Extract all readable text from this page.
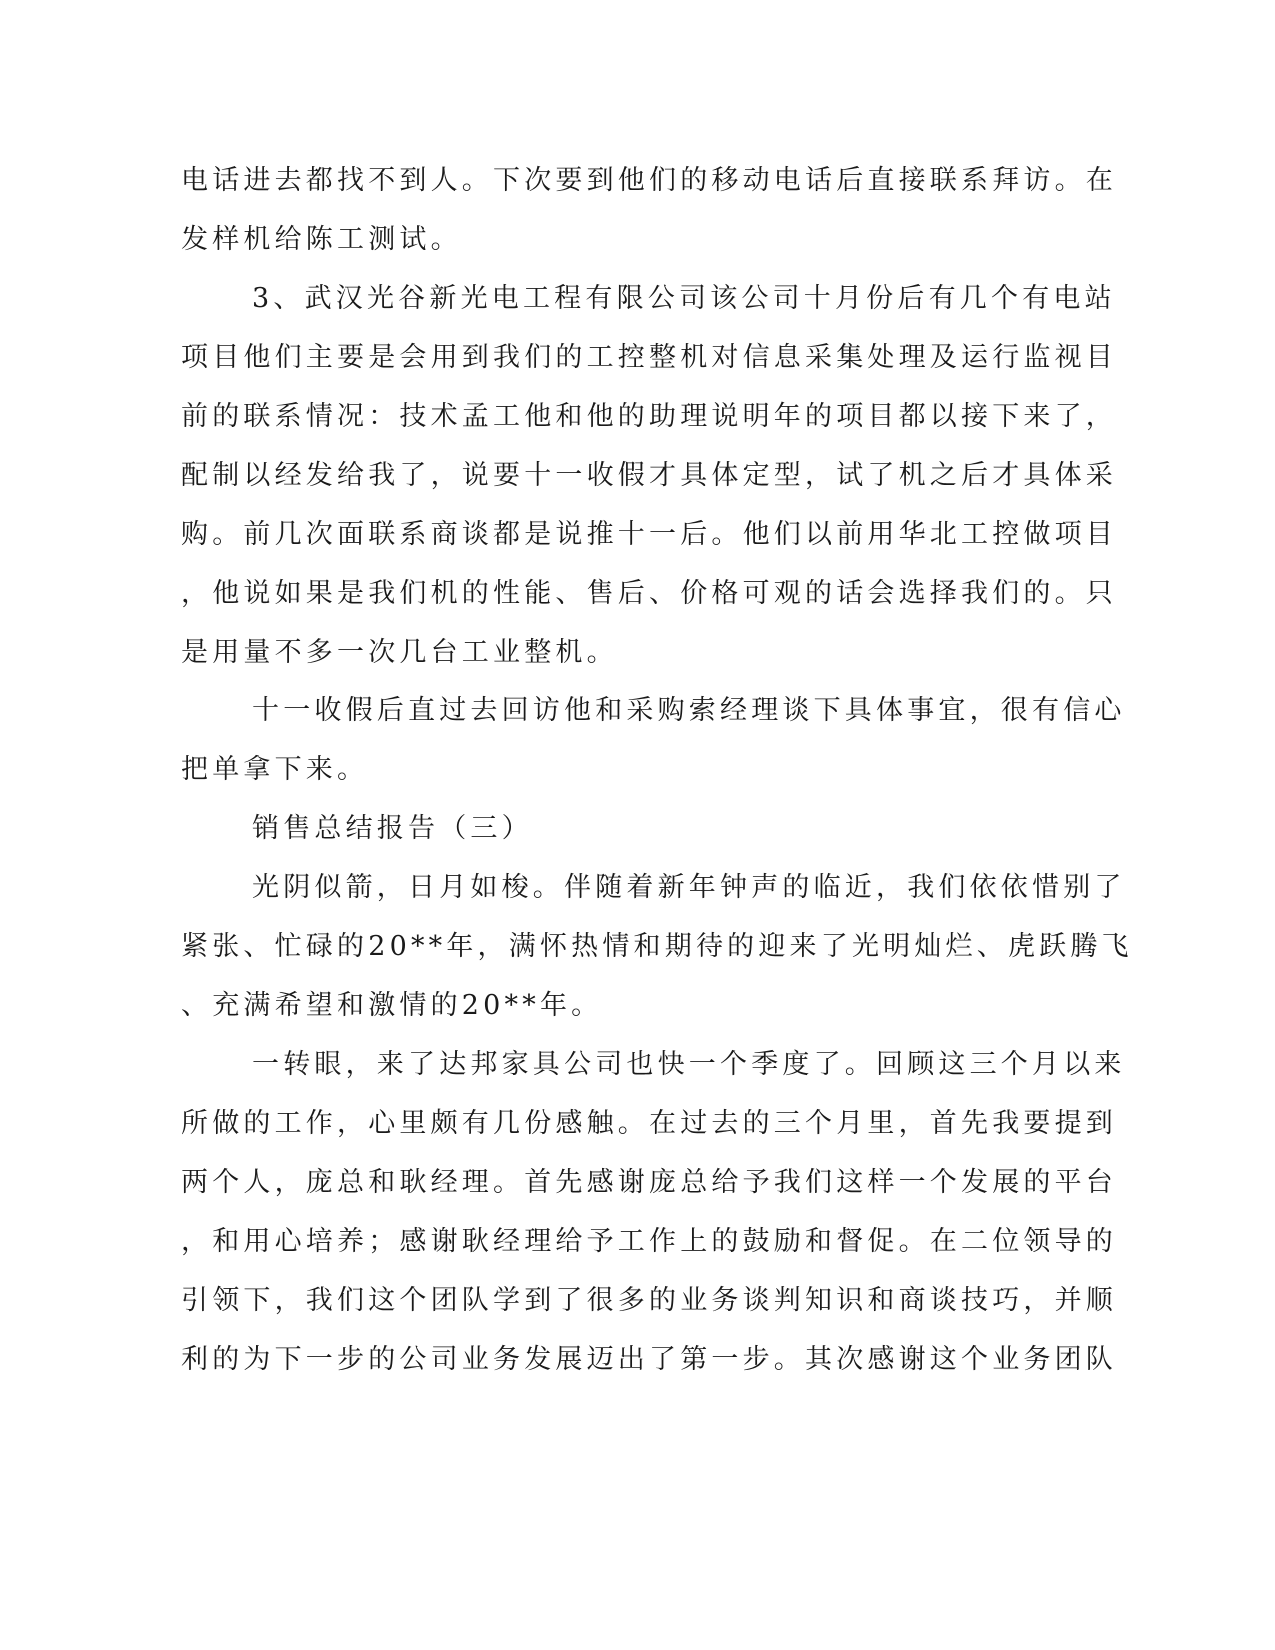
电话进去都找不到人。下次要到他们的移动电话后直接联系拜访。在

发样机给陈工测试。

3、武汉光谷新光电工程有限公司该公司十月份后有几个有电站

项目他们主要是会用到我们的工控整机对信息采集处理及运行监视目

前的联系情况：技术孟工他和他的助理说明年的项目都以接下来了，

配制以经发给我了，说要十一收假才具体定型，试了机之后才具体采

购。前几次面联系商谈都是说推十一后。他们以前用华北工控做项目

，他说如果是我们机的性能、售后、价格可观的话会选择我们的。只

是用量不多一次几台工业整机。

十一收假后直过去回访他和采购索经理谈下具体事宜，很有信心

把单拿下来。

销售总结报告（三）

光阴似箭，日月如梭。伴随着新年钟声的临近，我们依依惜别了

紧张、忙碌的20**年，满怀热情和期待的迎来了光明灿烂、虎跃腾飞

、充满希望和激情的20**年。

一转眼，来了达邦家具公司也快一个季度了。回顾这三个月以来

所做的工作，心里颇有几份感触。在过去的三个月里，首先我要提到

两个人，庞总和耿经理。首先感谢庞总给予我们这样一个发展的平台

，和用心培养；感谢耿经理给予工作上的鼓励和督促。在二位领导的

引领下，我们这个团队学到了很多的业务谈判知识和商谈技巧，并顺

利的为下一步的公司业务发展迈出了第一步。其次感谢这个业务团队
